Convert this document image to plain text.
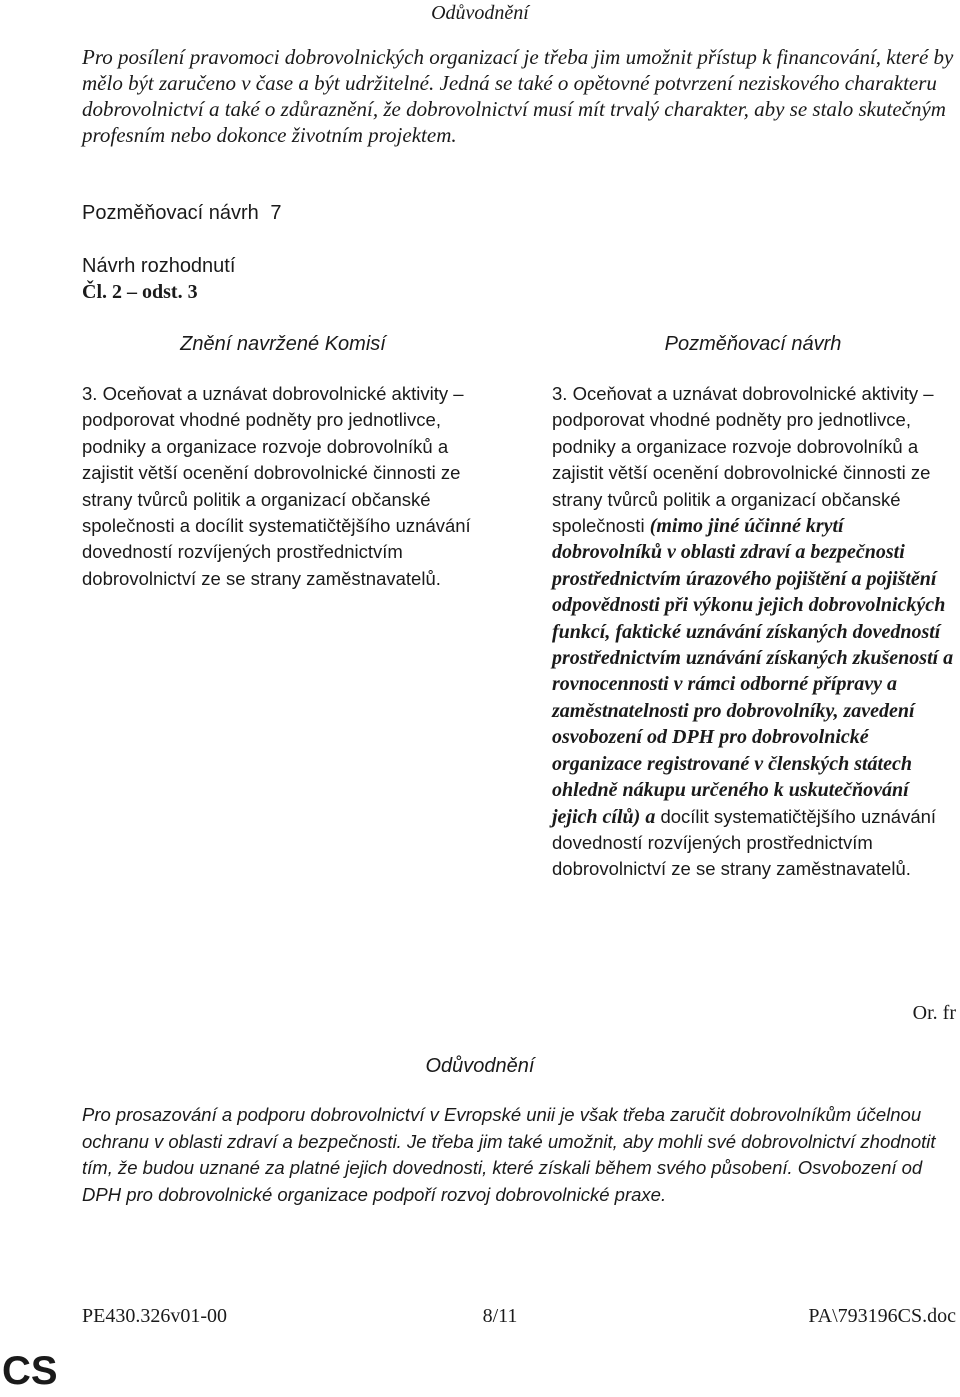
Odůvodnění
Pro posílení pravomoci dobrovolnických organizací je třeba jim umožnit přístup k financování, které by mělo být zaručeno v čase a být udržitelné. Jedná se také o opětovné potvrzení neziskového charakteru dobrovolnictví a také o zdůraznění, že dobrovolnictví musí mít trvalý charakter, aby se stalo skutečným profesním nebo dokonce životním projektem.
Pozměňovací návrh 7
Návrh rozhodnutí
Čl. 2 – odst. 3
Znění navržené Komisí	Pozměňovací návrh
3. Oceňovat a uznávat dobrovolnické aktivity – podporovat vhodné podněty pro jednotlivce, podniky a organizace rozvoje dobrovolníků a zajistit větší ocenění dobrovolnické činnosti ze strany tvůrců politik a organizací občanské společnosti a docílit systematičtějšího uznávání dovedností rozvíjených prostřednictvím dobrovolnictví ze se strany zaměstnavatelů.
3. Oceňovat a uznávat dobrovolnické aktivity – podporovat vhodné podněty pro jednotlivce, podniky a organizace rozvoje dobrovolníků a zajistit větší ocenění dobrovolnické činnosti ze strany tvůrců politik a organizací občanské společnosti (mimo jiné účinné krytí dobrovolníků v oblasti zdraví a bezpečnosti prostřednictvím úrazového pojištění a pojištění odpovědnosti při výkonu jejich dobrovolnických funkcí, faktické uznávání získaných dovedností prostřednictvím uznávání získaných zkušeností a rovnocennosti v rámci odborné přípravy a zaměstnatelnosti pro dobrovolníky, zavedení osvobození od DPH pro dobrovolnické organizace registrované v členských státech ohledně nákupu určeného k uskutečňování jejich cílů) a docílit systematičtějšího uznávání dovedností rozvíjených prostřednictvím dobrovolnictví ze se strany zaměstnavatelů.
Or. fr
Odůvodnění
Pro prosazování a podporu dobrovolnictví v Evropské unii je však třeba zaručit dobrovolníkům účelnou ochranu v oblasti zdraví a bezpečnosti. Je třeba jim také umožnit, aby mohli své dobrovolnictví zhodnotit tím, že budou uznané za platné jejich dovednosti, které získali během svého působení. Osvobození od DPH pro dobrovolnické organizace podpoří rozvoj dobrovolnické praxe.
PE430.326v01-00	8/11	PA\793196CS.doc
CS
